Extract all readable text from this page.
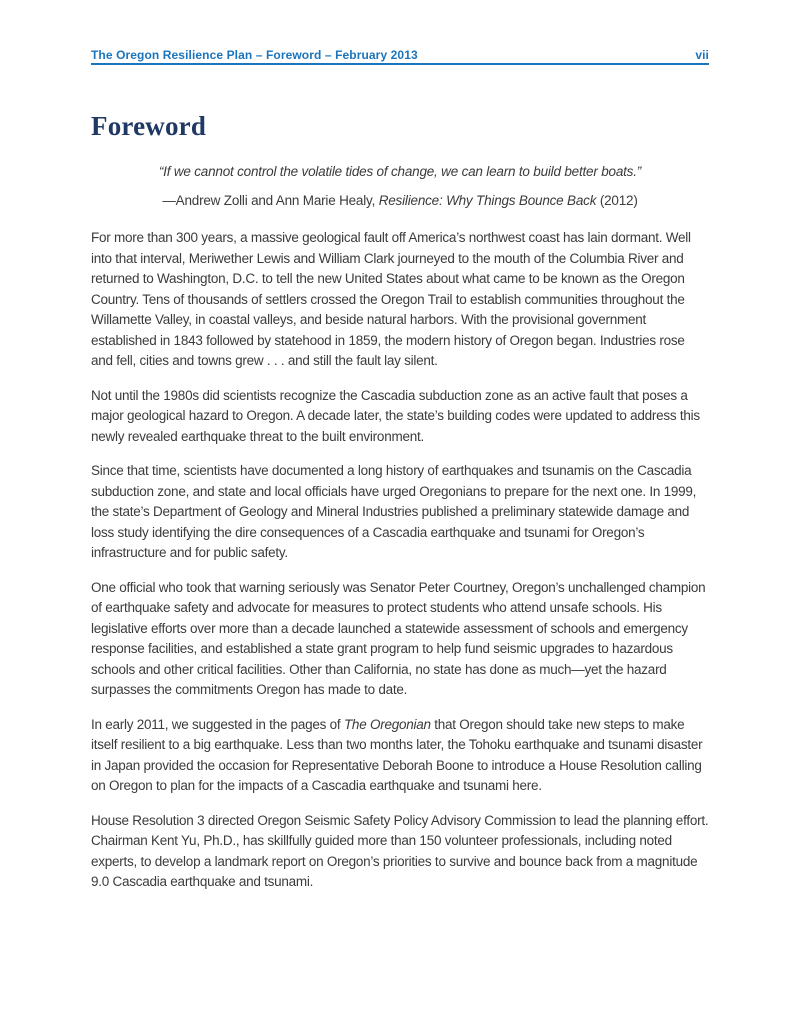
The Oregon Resilience Plan – Foreword – February 2013	vii
Foreword

“If we cannot control the volatile tides of change, we can learn to build better boats.”

—Andrew Zolli and Ann Marie Healy, Resilience: Why Things Bounce Back (2012)

For more than 300 years, a massive geological fault off America’s northwest coast has lain dormant. Well into that interval, Meriwether Lewis and William Clark journeyed to the mouth of the Columbia River and returned to Washington, D.C. to tell the new United States about what came to be known as the Oregon Country. Tens of thousands of settlers crossed the Oregon Trail to establish communities throughout the Willamette Valley, in coastal valleys, and beside natural harbors. With the provisional government established in 1843 followed by statehood in 1859, the modern history of Oregon began. Industries rose and fell, cities and towns grew . . . and still the fault lay silent.

Not until the 1980s did scientists recognize the Cascadia subduction zone as an active fault that poses a major geological hazard to Oregon. A decade later, the state’s building codes were updated to address this newly revealed earthquake threat to the built environment.

Since that time, scientists have documented a long history of earthquakes and tsunamis on the Cascadia subduction zone, and state and local officials have urged Oregonians to prepare for the next one. In 1999, the state’s Department of Geology and Mineral Industries published a preliminary statewide damage and loss study identifying the dire consequences of a Cascadia earthquake and tsunami for Oregon’s infrastructure and for public safety.

One official who took that warning seriously was Senator Peter Courtney, Oregon’s unchallenged champion of earthquake safety and advocate for measures to protect students who attend unsafe schools. His legislative efforts over more than a decade launched a statewide assessment of schools and emergency response facilities, and established a state grant program to help fund seismic upgrades to hazardous schools and other critical facilities. Other than California, no state has done as much—yet the hazard surpasses the commitments Oregon has made to date.

In early 2011, we suggested in the pages of The Oregonian that Oregon should take new steps to make itself resilient to a big earthquake. Less than two months later, the Tohoku earthquake and tsunami disaster in Japan provided the occasion for Representative Deborah Boone to introduce a House Resolution calling on Oregon to plan for the impacts of a Cascadia earthquake and tsunami here.

House Resolution 3 directed Oregon Seismic Safety Policy Advisory Commission to lead the planning effort. Chairman Kent Yu, Ph.D., has skillfully guided more than 150 volunteer professionals, including noted experts, to develop a landmark report on Oregon’s priorities to survive and bounce back from a magnitude 9.0 Cascadia earthquake and tsunami.
